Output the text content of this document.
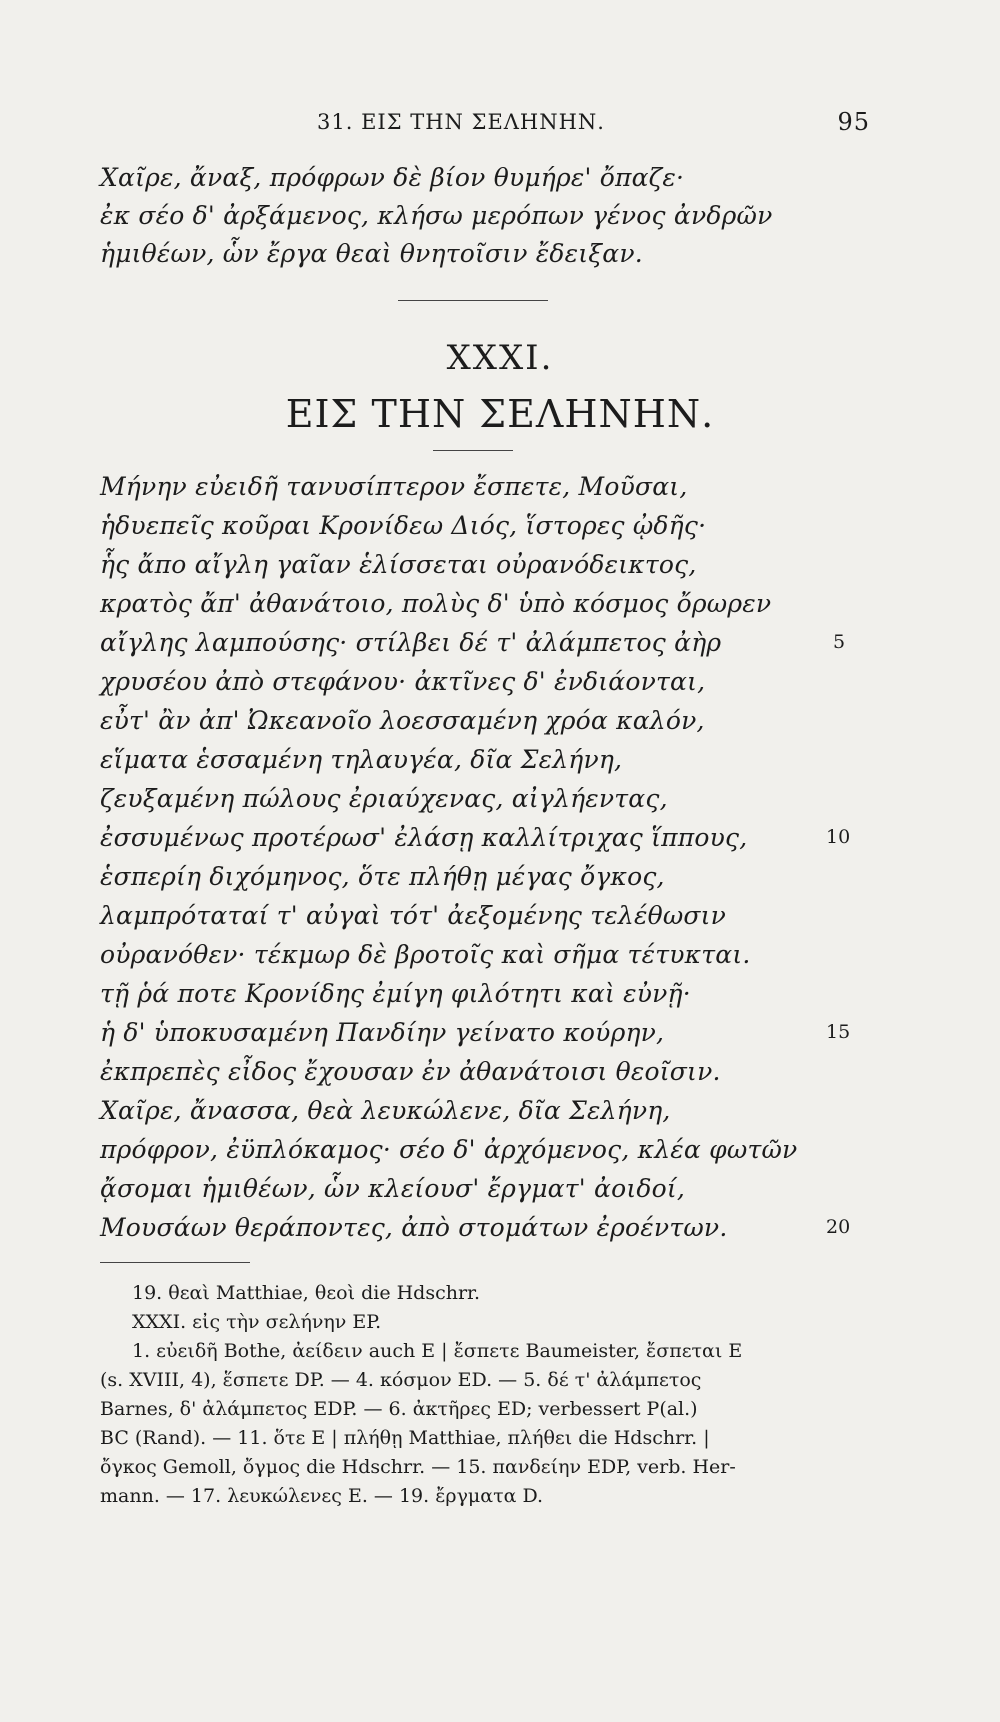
31. ΕΙΣ ΤΗΝ ΣΕΛΗΝΗΝ.	95
Χαῖρε, ἄναξ, πρόφρων δὲ βίον θυμήρε' ὄπαζε·
ἐκ σέο δ' ἀρξάμενος, κλήσω μερόπων γένος ἀνδρῶν
ἡμιθέων, ὧν ἔργα θεαὶ θνητοῖσιν ἔδειξαν.
XXXI.
ΕΙΣ ΤΗΝ ΣΕΛΗΝΗΝ.
Μήνην εὐειδῆ τανυσίπτερον ἔσπετε, Μοῦσαι,
ἡδυεπεῖς κοῦραι Κρονίδεω Διός, ἵστορες ᾠδῆς·
ἧς ἄπο αἴγλη γαῖαν ἑλίσσεται οὐρανόδεικτος,
κρατὸς ἄπ' ἀθανάτοιο, πολὺς δ' ὑπὸ κόσμος ὄρωρεν
αἴγλης λαμπούσης· στίλβει δέ τ' ἀλάμπετος ἀὴρ	5
χρυσέου ἀπὸ στεφάνου· ἀκτῖνες δ' ἐνδιάονται,
εὖτ' ἂν ἀπ' Ὠκεανοῖο λοεσσαμένη χρόα καλόν,
εἵματα ἑσσαμένη τηλαυγέα, δῖα Σελήνη,
ζευξαμένη πώλους ἐριαύχενας, αἰγλήεντας,
ἐσσυμένως προτέρωσ' ἐλάσῃ καλλίτριχας ἵππους,	10
ἑσπερίη διχόμηνος, ὅτε πλήθῃ μέγας ὄγκος,
λαμπρόταταί τ' αὐγαὶ τότ' ἀεξομένης τελέθωσιν
οὐρανόθεν· τέκμωρ δὲ βροτοῖς καὶ σῆμα τέτυκται.
τῇ ῥά ποτε Κρονίδης ἐμίγη φιλότητι καὶ εὐνῇ·
ἡ δ' ὑποκυσαμένη Πανδίην γείνατο κούρην,	15
ἐκπρεπὲς εἶδος ἔχουσαν ἐν ἀθανάτοισι θεοῖσιν.
Χαῖρε, ἄνασσα, θεὰ λευκώλενε, δῖα Σελήνη,
πρόφρον, ἐϋπλόκαμος· σέο δ' ἀρχόμενος, κλέα φωτῶν
ᾄσομαι ἡμιθέων, ὧν κλείουσ' ἔργματ' ἀοιδοί,
Μουσάων θεράποντες, ἀπὸ στομάτων ἐροέντων.	20
19. θεαὶ Matthiae, θεοὶ die Hdschrr.
XXXI. εἰς τὴν σελήνην EP.
1. εὐειδῆ Bothe, ἀείδειν auch E | ἔσπετε Baumeister, ἔσπεται E
(s. XVIII, 4), ἕσπετε DP. — 4. κόσμον ED. — 5. δέ τ' ἀλάμπετος
Barnes, δ' ἀλάμπετος EDP. — 6. ἀκτῆρες ED; verbessert P(al.)
BC (Rand). — 11. ὅτε E | πλήθῃ Matthiae, πλήθει die Hdschrr. |
ὄγκος Gemoll, ὄγμος die Hdschrr. — 15. πανδείην EDP, verb. Her-
mann. — 17. λευκώλενες E. — 19. ἔργματα D.
